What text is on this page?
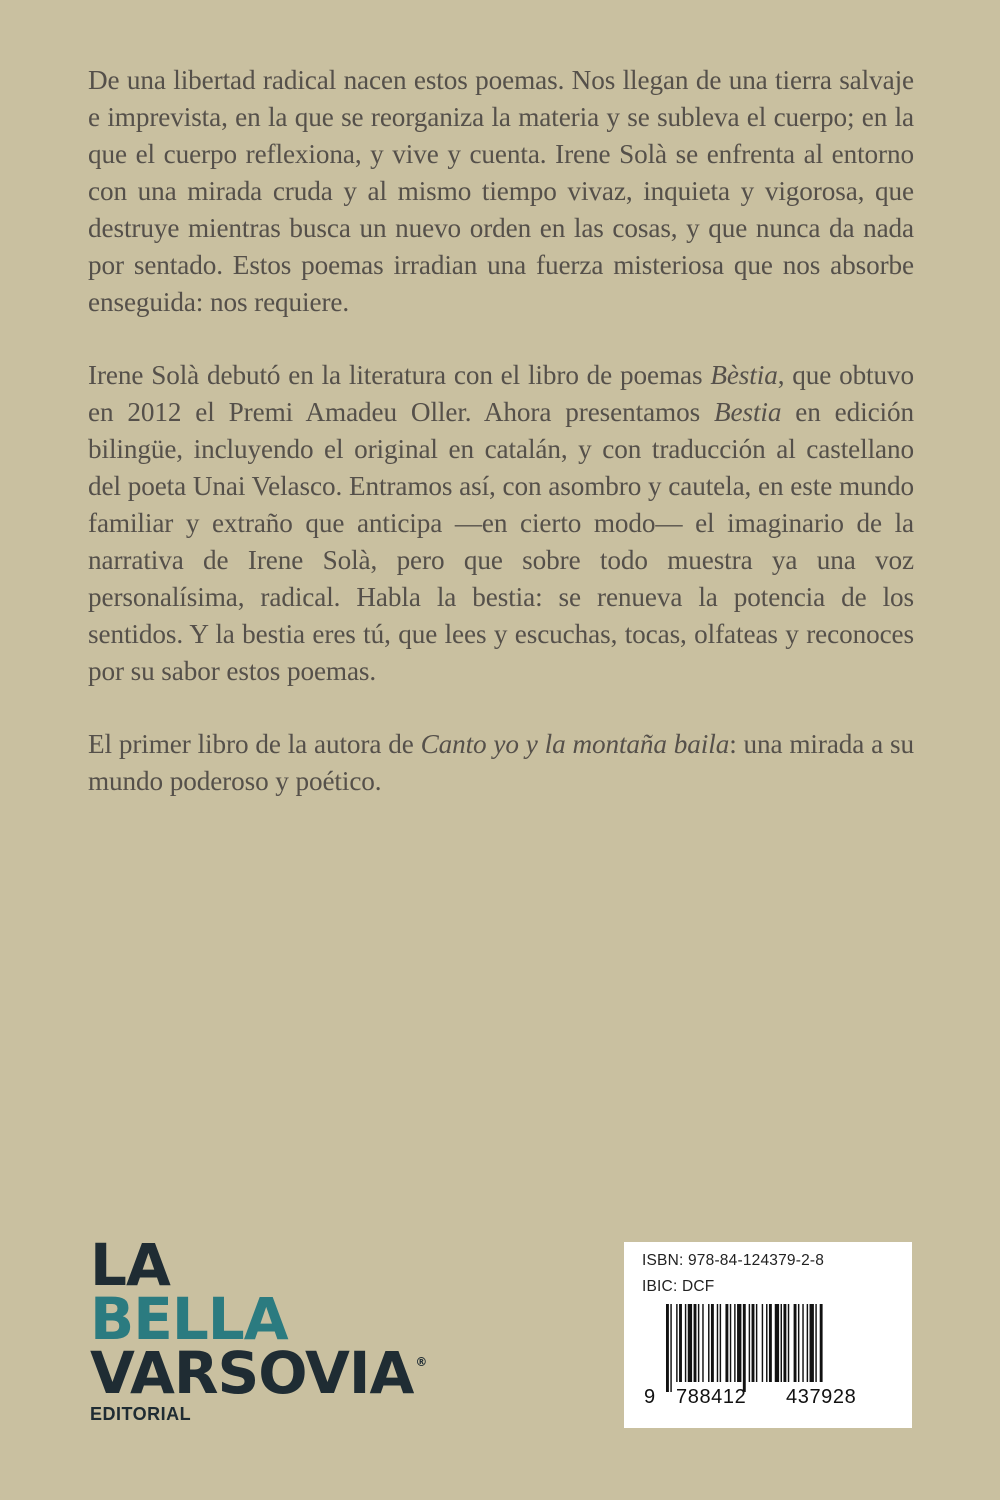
De una libertad radical nacen estos poemas. Nos llegan de una tierra salvaje e imprevista, en la que se reorganiza la materia y se subleva el cuerpo; en la que el cuerpo reflexiona, y vive y cuenta. Irene Solà se enfrenta al entorno con una mirada cruda y al mismo tiempo vivaz, inquieta y vigorosa, que destruye mientras busca un nuevo orden en las cosas, y que nunca da nada por sentado. Estos poemas irradian una fuerza misteriosa que nos absorbe enseguida: nos requiere.

Irene Solà debutó en la literatura con el libro de poemas Bèstia, que obtuvo en 2012 el Premi Amadeu Oller. Ahora presentamos Bestia en edición bilingüe, incluyendo el original en catalán, y con traducción al castellano del poeta Unai Velasco. Entramos así, con asombro y cautela, en este mundo familiar y extraño que anticipa —en cierto modo— el imaginario de la narrativa de Irene Solà, pero que sobre todo muestra ya una voz personalísima, radical. Habla la bestia: se renueva la potencia de los sentidos. Y la bestia eres tú, que lees y escuchas, tocas, olfateas y reconoces por su sabor estos poemas.

El primer libro de la autora de Canto yo y la montaña baila: una mirada a su mundo poderoso y poético.

LA
BELLA
VARSOVIA ®
EDITORIAL
ISBN: 978-84-124379-2-8
IBIC: DCF
9 788412 437928
